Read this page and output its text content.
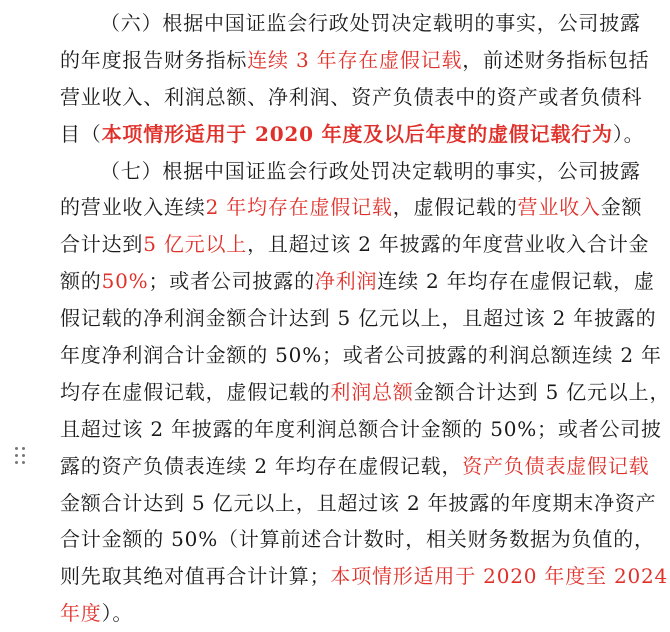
（六）根据中国证监会行政处罚决定载明的事实，公司披露
的年度报告财务指标连续 3 年存在虚假记载，前述财务指标包括
营业收入、利润总额、净利润、资产负债表中的资产或者负债科
目（本项情形适用于 2020 年度及以后年度的虚假记载行为）。
（七）根据中国证监会行政处罚决定载明的事实，公司披露
的营业收入连续2 年均存在虚假记载，虚假记载的营业收入金额
合计达到5 亿元以上，且超过该 2 年披露的年度营业收入合计金
额的50%；或者公司披露的净利润连续 2 年均存在虚假记载，虚
假记载的净利润金额合计达到 5 亿元以上，且超过该 2 年披露的
年度净利润合计金额的 50%；或者公司披露的利润总额连续 2 年
均存在虚假记载，虚假记载的利润总额金额合计达到 5 亿元以上，
且超过该 2 年披露的年度利润总额合计金额的 50%；或者公司披
露的资产负债表连续 2 年均存在虚假记载，资产负债表虚假记载
金额合计达到 5 亿元以上，且超过该 2 年披露的年度期末净资产
合计金额的 50%（计算前述合计数时，相关财务数据为负值的，
则先取其绝对值再合计计算；本项情形适用于 2020 年度至 2024
年度）。
